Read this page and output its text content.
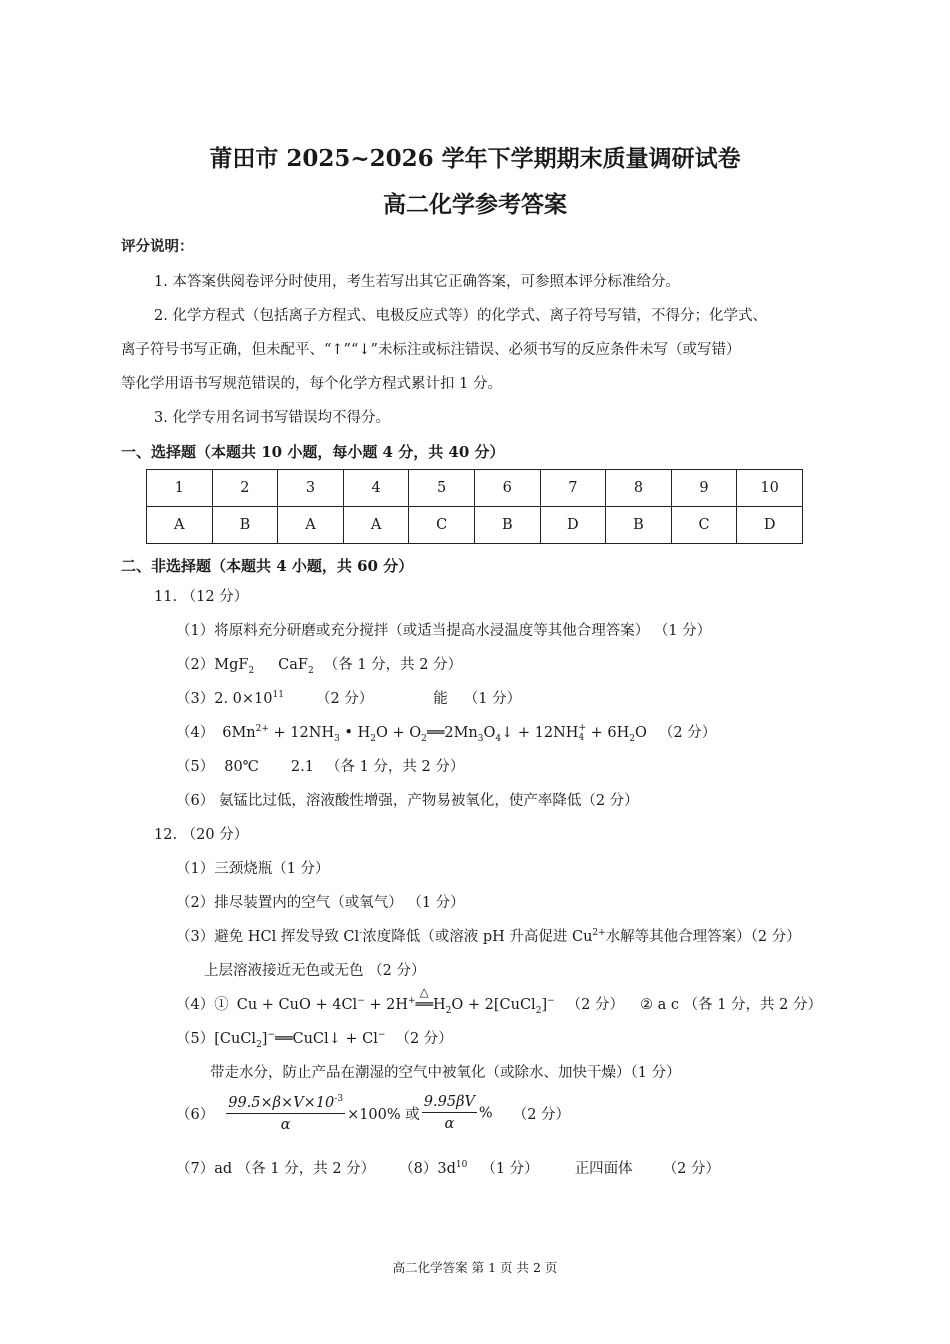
莆田市 2025~2026 学年下学期期末质量调研试卷
高二化学参考答案
评分说明：
1. 本答案供阅卷评分时使用，考生若写出其它正确答案，可参照本评分标准给分。
2. 化学方程式（包括离子方程式、电极反应式等）的化学式、离子符号写错，不得分；化学式、
离子符号书写正确，但未配平、“↑”“↓”未标注或标注错误、必须书写的反应条件未写（或写错）
等化学用语书写规范错误的，每个化学方程式累计扣 1 分。
3. 化学专用名词书写错误均不得分。
一、选择题（本题共 10 小题，每小题 4 分，共 40 分）
1	2	3	4	5	6	7	8	9	10
A	B	A	A	C	B	D	B	C	D
二、非选择题（本题共 4 小题，共 60 分）
11. （12 分）
（1）将原料充分研磨或充分搅拌（或适当提高水浸温度等其他合理答案） （1 分）
（2）MgF$_2$ CaF$_2$ （各 1 分，共 2 分）
（3）2. $0\times 10^{11}$ （2 分）	能 （1 分）
（4） $6Mn^{2+} + 12NH_3$ • $H_2O$ + $O_2══2Mn_3O_4↓ + 12NH$ +
$4 + 6H_2O$ （2 分）
（5） 80℃ 2.1 （各 1 分，共 2 分）
（6） 氨锰比过低，溶液酸性增强，产物易被氧化，使产率降低（2 分）
12. （20 分）
（1）三颈烧瓶（1 分）
（2）排尽装置内的空气（或氧气） （1 分）
（3）避免 HCl 挥发导致 Cl-浓度降低（或溶液 pH 升高促进 $Cu^{2+}$水解等其他合理答案）（2 分）
上层溶液接近无色或无色 （2 分）
（4）① Cu + CuO + 4Cl− + 2H+
△
$══H_2O$ + 2[CuCl$_2$]− （2 分） ② a c （各 1 分，共 2 分）
（5）[CuCl$_2$]−══CuCl↓ + Cl− （2 分）
带走水分，防止产品在潮湿的空气中被氧化（或除水、加快干燥）（1 分）
$(6) \frac{99.5\times\beta\times V\times 10^{-3}}{\alpha} \times 100\%$ 或 $\frac{9.95\beta V}{\alpha}$ % （2 分）
（7）ad （各 1 分，共 2 分） $(8)3d^{10}$ （1 分） 正四面体 （2 分）
高二化学答案 第 1 页 共 2 页
